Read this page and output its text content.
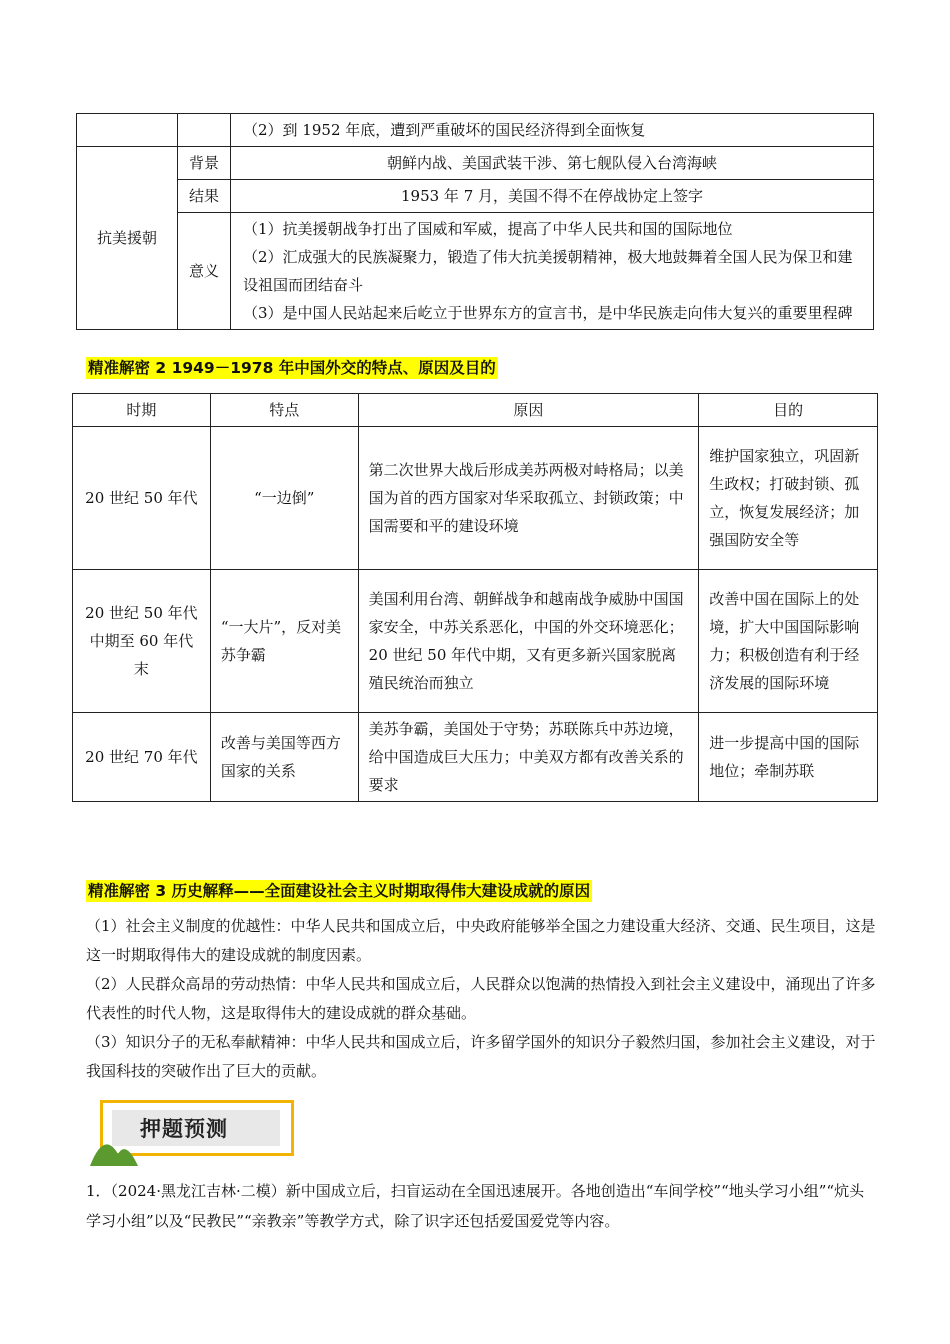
		（2）到 1952 年底，遭到严重破坏的国民经济得到全面恢复
抗美援朝	背景	朝鲜内战、美国武装干涉、第七舰队侵入台湾海峡
	结果	1953 年 7 月，美国不得不在停战协定上签字
	意义	（1）抗美援朝战争打出了国威和军威，提高了中华人民共和国的国际地位
（2）汇成强大的民族凝聚力，锻造了伟大抗美援朝精神，极大地鼓舞着全国人民为保卫和建设祖国而团结奋斗
（3）是中国人民站起来后屹立于世界东方的宣言书，是中华民族走向伟大复兴的重要里程碑
精准解密 2 1949－1978 年中国外交的特点、原因及目的
时期	特点	原因	目的
20 世纪 50 年代	“一边倒”	第二次世界大战后形成美苏两极对峙格局；以美国为首的西方国家对华采取孤立、封锁政策；中国需要和平的建设环境	维护国家独立，巩固新生政权；打破封锁、孤立，恢复发展经济；加强国防安全等
20 世纪 50 年代中期至 60 年代末	“一大片”，反对美苏争霸	美国利用台湾、朝鲜战争和越南战争威胁中国国家安全，中苏关系恶化，中国的外交环境恶化；20 世纪 50 年代中期，又有更多新兴国家脱离殖民统治而独立	改善中国在国际上的处境，扩大中国国际影响力；积极创造有利于经济发展的国际环境
20 世纪 70 年代	改善与美国等西方国家的关系	美苏争霸，美国处于守势；苏联陈兵中苏边境，给中国造成巨大压力；中美双方都有改善关系的要求	进一步提高中国的国际地位；牵制苏联
精准解密 3 历史解释——全面建设社会主义时期取得伟大建设成就的原因

（1）社会主义制度的优越性：中华人民共和国成立后，中央政府能够举全国之力建设重大经济、交通、民生项目，这是这一时期取得伟大的建设成就的制度因素。

（2）人民群众高昂的劳动热情：中华人民共和国成立后，人民群众以饱满的热情投入到社会主义建设中，涌现出了许多代表性的时代人物，这是取得伟大的建设成就的群众基础。

（3）知识分子的无私奉献精神：中华人民共和国成立后，许多留学国外的知识分子毅然归国，参加社会主义建设，对于我国科技的突破作出了巨大的贡献。

押题预测

1．（2024·黑龙江吉林·二模）新中国成立后，扫盲运动在全国迅速展开。各地创造出“车间学校”“地头学习小组”“炕头学习小组”以及“民教民”“亲教亲”等教学方式，除了识字还包括爱国爱党等内容。
